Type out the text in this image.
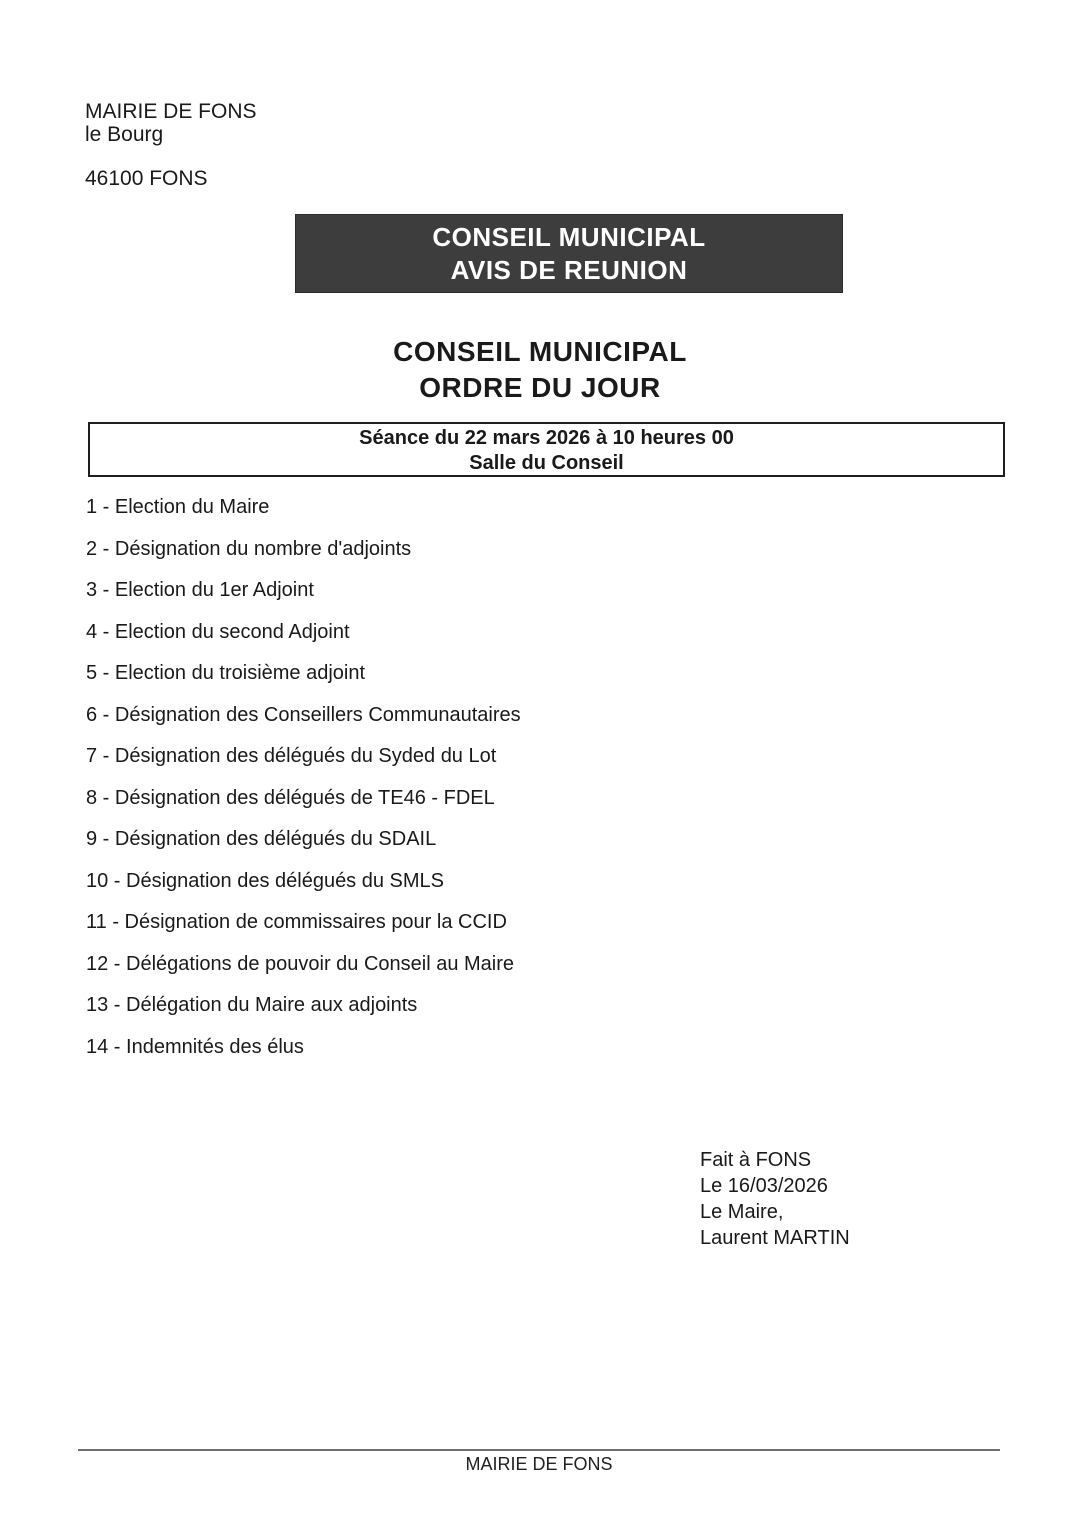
MAIRIE DE FONS
le Bourg
46100 FONS
CONSEIL MUNICIPAL
AVIS DE REUNION
CONSEIL MUNICIPAL
ORDRE DU JOUR
Séance du 22 mars 2026 à 10 heures 00
Salle du Conseil
1 - Election du Maire
2 - Désignation du nombre d'adjoints
3 - Election du 1er Adjoint
4 - Election du second Adjoint
5 - Election du troisième adjoint
6 - Désignation des Conseillers Communautaires
7 - Désignation des délégués du Syded du Lot
8 - Désignation des délégués de TE46 - FDEL
9 - Désignation des délégués du SDAIL
10 - Désignation des délégués du SMLS
11 - Désignation de commissaires pour la CCID
12 - Délégations de pouvoir du Conseil au Maire
13 - Délégation du Maire aux adjoints
14 - Indemnités des élus
Fait à FONS
Le 16/03/2026
Le Maire,
Laurent MARTIN
MAIRIE DE FONS
